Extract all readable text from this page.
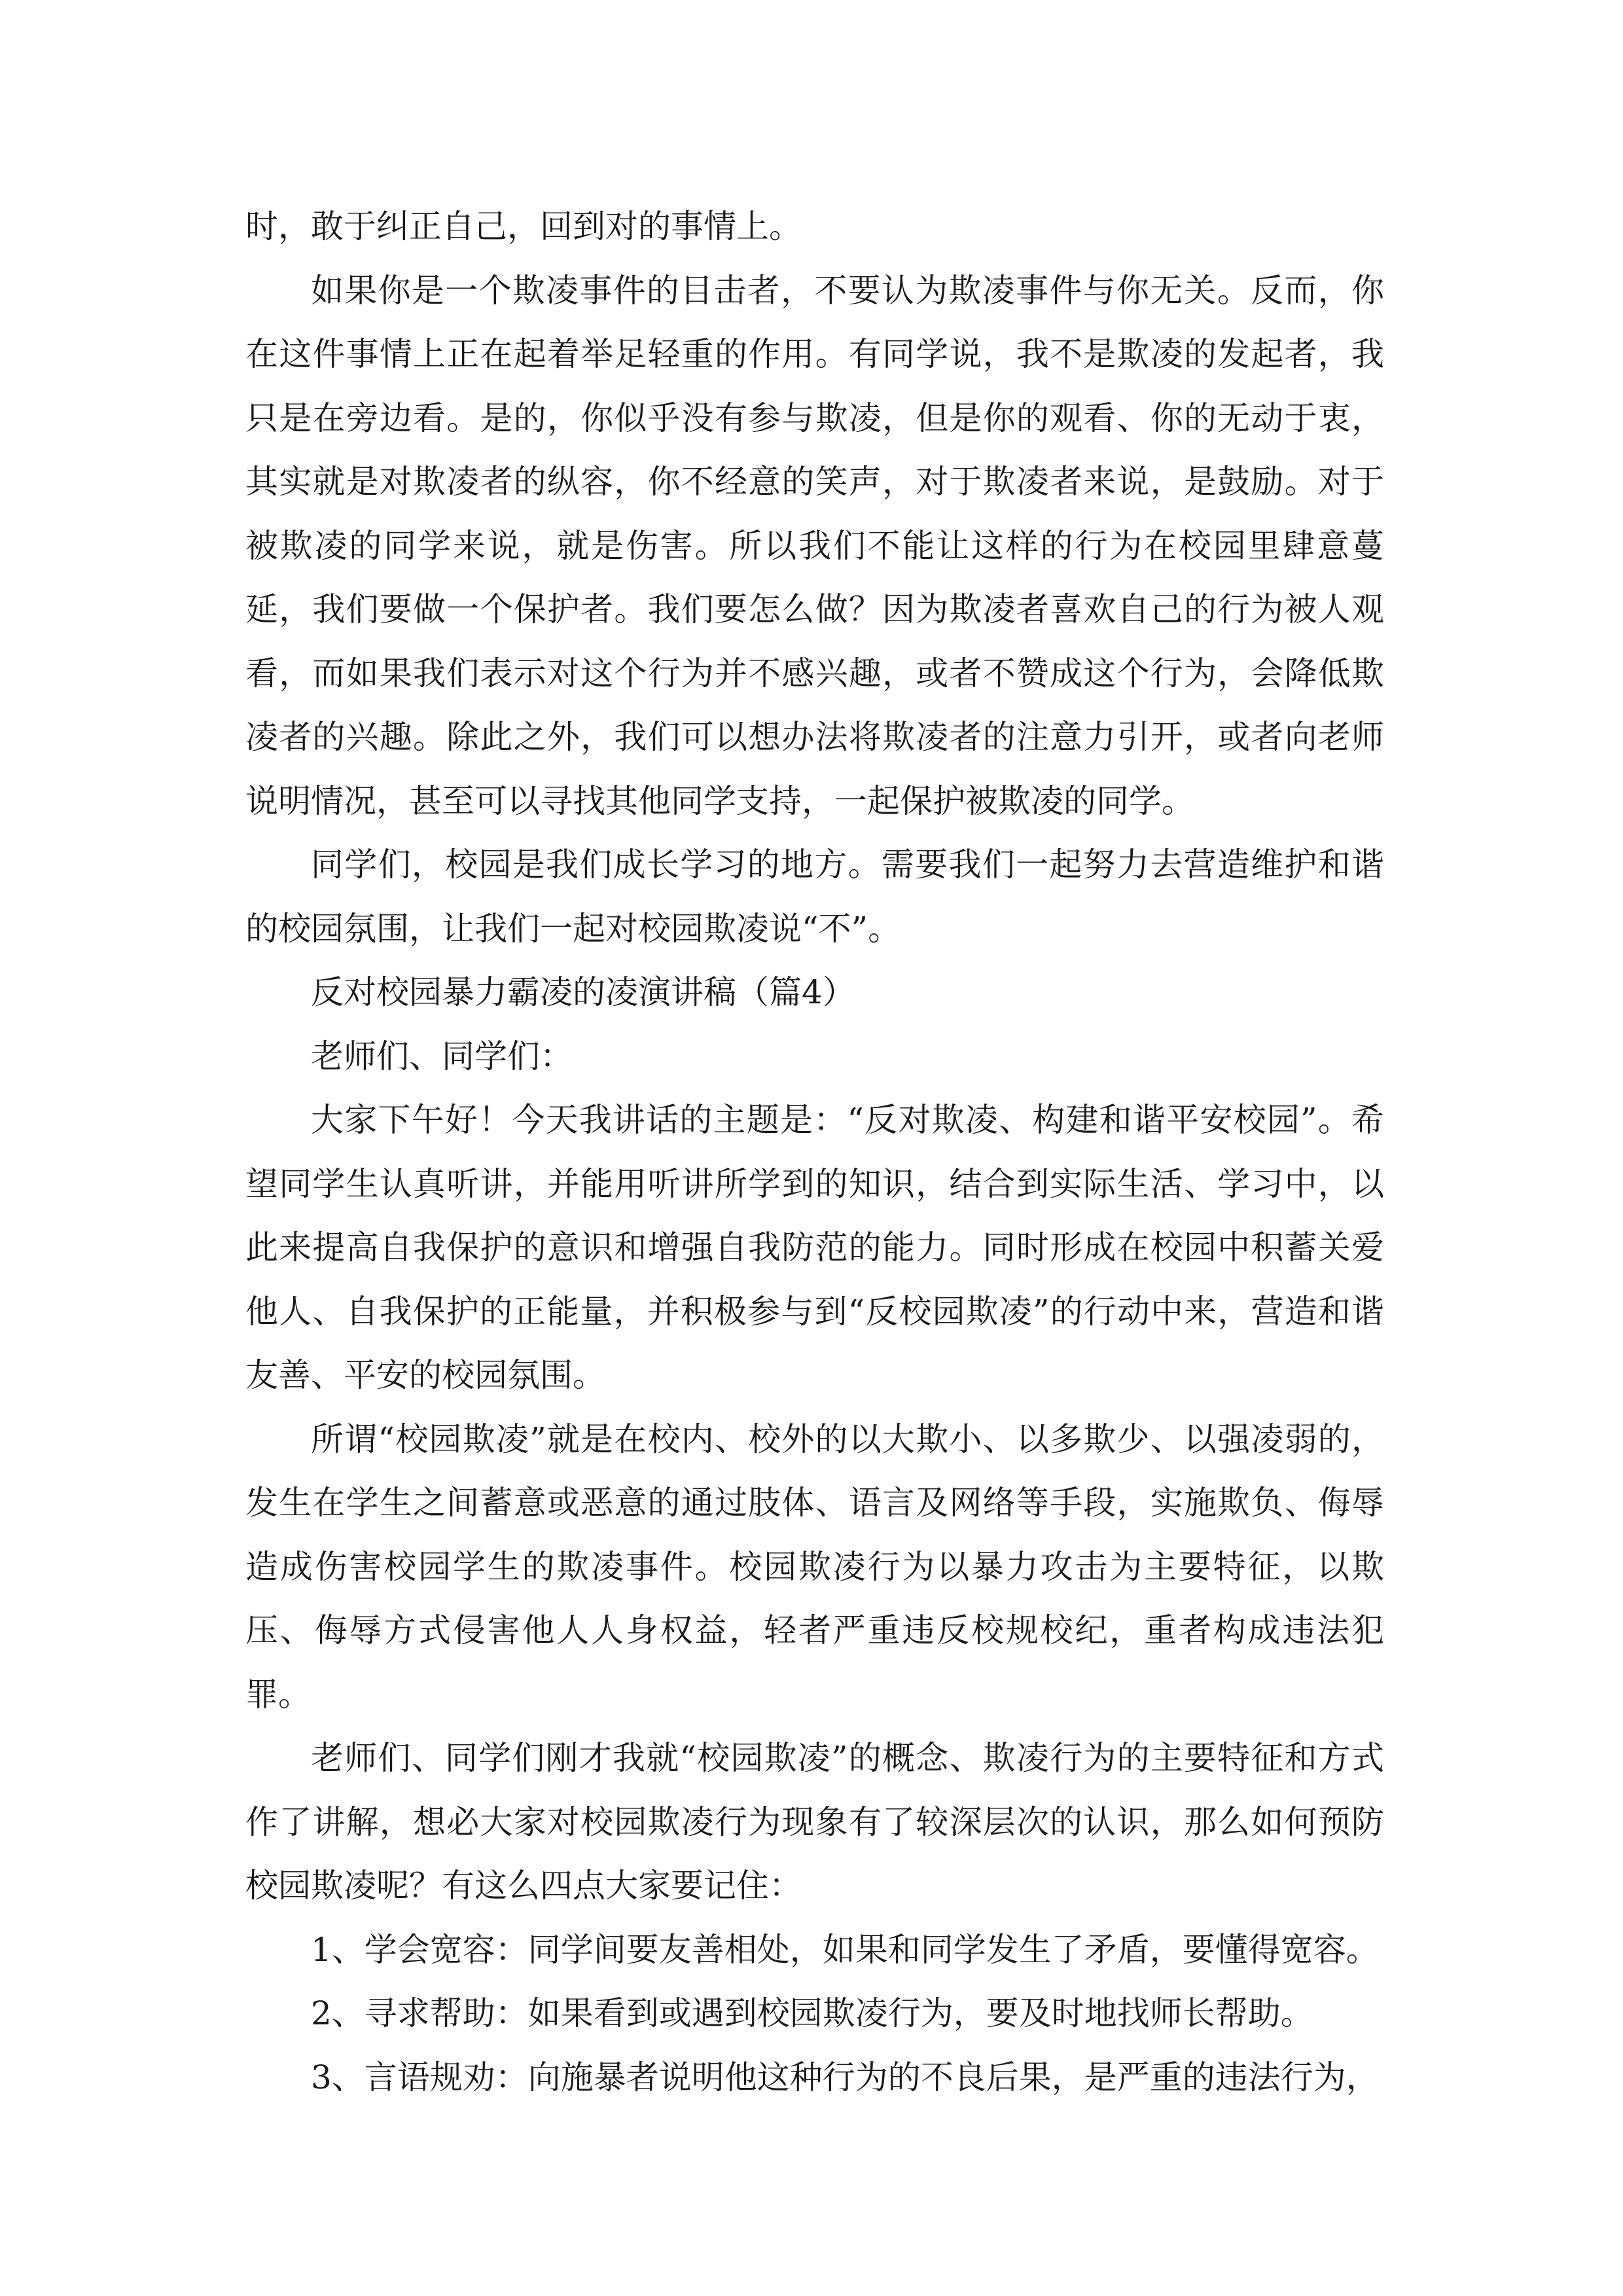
时，敢于纠正自己，回到对的事情上。

如果你是一个欺凌事件的目击者，不要认为欺凌事件与你无关。反而，你在这件事情上正在起着举足轻重的作用。有同学说，我不是欺凌的发起者，我只是在旁边看。是的，你似乎没有参与欺凌，但是你的观看、你的无动于衷，其实就是对欺凌者的纵容，你不经意的笑声，对于欺凌者来说，是鼓励。对于被欺凌的同学来说，就是伤害。所以我们不能让这样的行为在校园里肆意蔓延，我们要做一个保护者。我们要怎么做？因为欺凌者喜欢自己的行为被人观看，而如果我们表示对这个行为并不感兴趣，或者不赞成这个行为，会降低欺凌者的兴趣。除此之外，我们可以想办法将欺凌者的注意力引开，或者向老师说明情况，甚至可以寻找其他同学支持，一起保护被欺凌的同学。

同学们，校园是我们成长学习的地方。需要我们一起努力去营造维护和谐的校园氛围，让我们一起对校园欺凌说“不”。

反对校园暴力霸凌的凌演讲稿（篇4）

老师们、同学们：

大家下午好！今天我讲话的主题是：“反对欺凌、构建和谐平安校园”。希望同学生认真听讲，并能用听讲所学到的知识，结合到实际生活、学习中，以此来提高自我保护的意识和增强自我防范的能力。同时形成在校园中积蓄关爱他人、自我保护的正能量，并积极参与到“反校园欺凌”的行动中来，营造和谐友善、平安的校园氛围。

所谓“校园欺凌”就是在校内、校外的以大欺小、以多欺少、以强凌弱的，发生在学生之间蓄意或恶意的通过肢体、语言及网络等手段，实施欺负、侮辱造成伤害校园学生的欺凌事件。校园欺凌行为以暴力攻击为主要特征，以欺压、侮辱方式侵害他人人身权益，轻者严重违反校规校纪，重者构成违法犯罪。

老师们、同学们刚才我就“校园欺凌”的概念、欺凌行为的主要特征和方式作了讲解，想必大家对校园欺凌行为现象有了较深层次的认识，那么如何预防校园欺凌呢？有这么四点大家要记住：

1、学会宽容：同学间要友善相处，如果和同学发生了矛盾，要懂得宽容。

2、寻求帮助：如果看到或遇到校园欺凌行为，要及时地找师长帮助。

3、言语规劝：向施暴者说明他这种行为的不良后果，是严重的违法行为，
